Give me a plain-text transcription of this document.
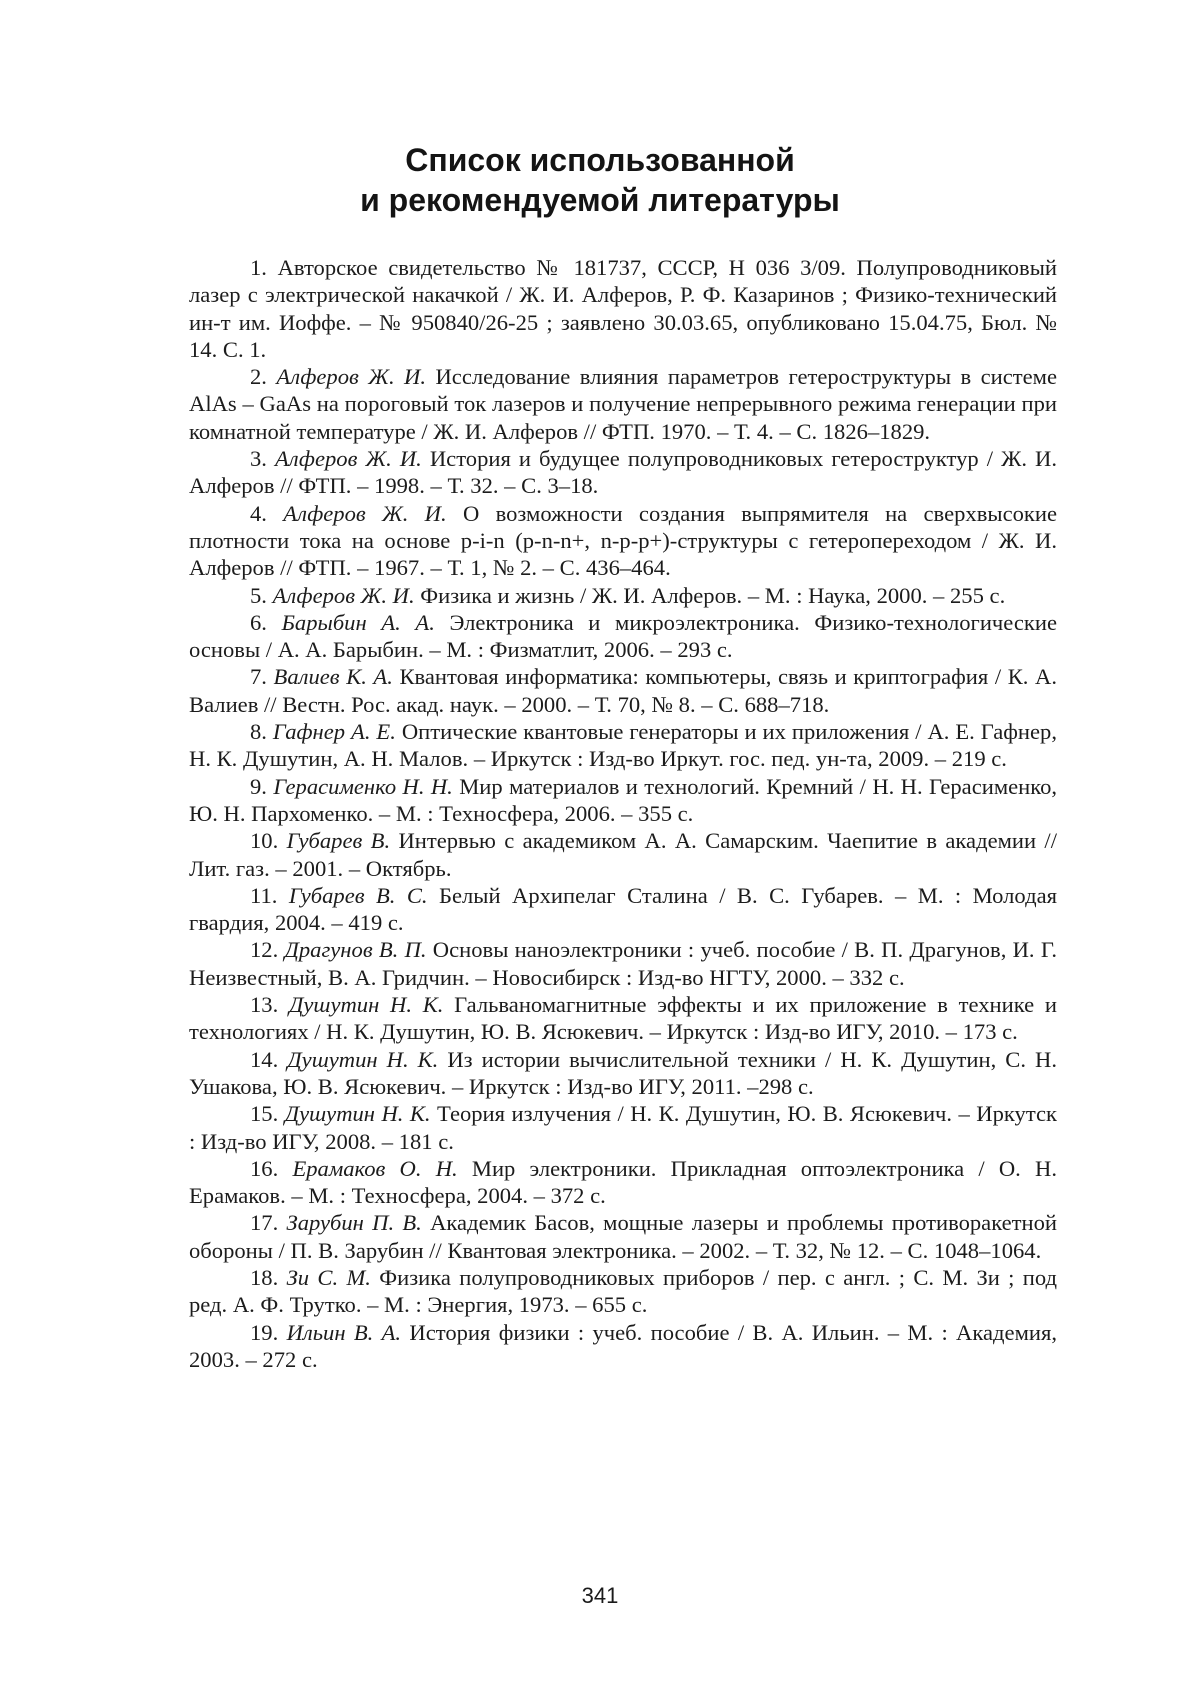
Список использованной
и рекомендуемой литературы
1. Авторское свидетельство № 181737, СССР, Н 036 3/09. Полупроводниковый лазер с электрической накачкой / Ж. И. Алферов, Р. Ф. Казаринов ; Физико-технический ин-т им. Иоффе. – № 950840/26-25 ; заявлено 30.03.65, опубликовано 15.04.75, Бюл. № 14. С. 1.
2. Алферов Ж. И. Исследование влияния параметров гетероструктуры в системе AlAs – GaAs на пороговый ток лазеров и получение непрерывного режима генерации при комнатной температуре / Ж. И. Алферов // ФТП. 1970. – Т. 4. – С. 1826–1829.
3. Алферов Ж. И. История и будущее полупроводниковых гетероструктур / Ж. И. Алферов // ФТП. – 1998. – Т. 32. – С. 3–18.
4. Алферов Ж. И. О возможности создания выпрямителя на сверхвысокие плотности тока на основе p-i-n (p-n-n+, n-p-p+)-структуры с гетеропереходом / Ж. И. Алферов // ФТП. – 1967. – Т. 1, № 2. – С. 436–464.
5. Алферов Ж. И. Физика и жизнь / Ж. И. Алферов. – М. : Наука, 2000. – 255 с.
6. Барыбин А. А. Электроника и микроэлектроника. Физико-технологические основы / А. А. Барыбин. – М. : Физматлит, 2006. – 293 с.
7. Валиев К. А. Квантовая информатика: компьютеры, связь и криптография / К. А. Валиев // Вестн. Рос. акад. наук. – 2000. – Т. 70, № 8. – С. 688–718.
8. Гафнер А. Е. Оптические квантовые генераторы и их приложения / А. Е. Гафнер, Н. К. Душутин, А. Н. Малов. – Иркутск : Изд-во Иркут. гос. пед. ун-та, 2009. – 219 с.
9. Герасименко Н. Н. Мир материалов и технологий. Кремний / Н. Н. Герасименко, Ю. Н. Пархоменко. – М. : Техносфера, 2006. – 355 с.
10. Губарев В. Интервью с академиком А. А. Самарским. Чаепитие в академии // Лит. газ. – 2001. – Октябрь.
11. Губарев В. С. Белый Архипелаг Сталина / В. С. Губарев. – М. : Молодая гвардия, 2004. – 419 с.
12. Драгунов В. П. Основы наноэлектроники : учеб. пособие / В. П. Драгунов, И. Г. Неизвестный, В. А. Гридчин. – Новосибирск : Изд-во НГТУ, 2000. – 332 с.
13. Душутин Н. К. Гальваномагнитные эффекты и их приложение в технике и технологиях / Н. К. Душутин, Ю. В. Ясюкевич. – Иркутск : Изд-во ИГУ, 2010. – 173 с.
14. Душутин Н. К. Из истории вычислительной техники / Н. К. Душутин, С. Н. Ушакова, Ю. В. Ясюкевич. – Иркутск : Изд-во ИГУ, 2011. –298 с.
15. Душутин Н. К. Теория излучения / Н. К. Душутин, Ю. В. Ясюкевич. – Иркутск : Изд-во ИГУ, 2008. – 181 с.
16. Ерамаков О. Н. Мир электроники. Прикладная оптоэлектроника / О. Н. Ерамаков. – М. : Техносфера, 2004. – 372 с.
17. Зарубин П. В. Академик Басов, мощные лазеры и проблемы противоракетной обороны / П. В. Зарубин // Квантовая электроника. – 2002. – Т. 32, № 12. – С. 1048–1064.
18. Зи С. М. Физика полупроводниковых приборов / пер. с англ. ; С. М. Зи ; под ред. А. Ф. Трутко. – М. : Энергия, 1973. – 655 с.
19. Ильин В. А. История физики : учеб. пособие / В. А. Ильин. – М. : Академия, 2003. – 272 с.
341
